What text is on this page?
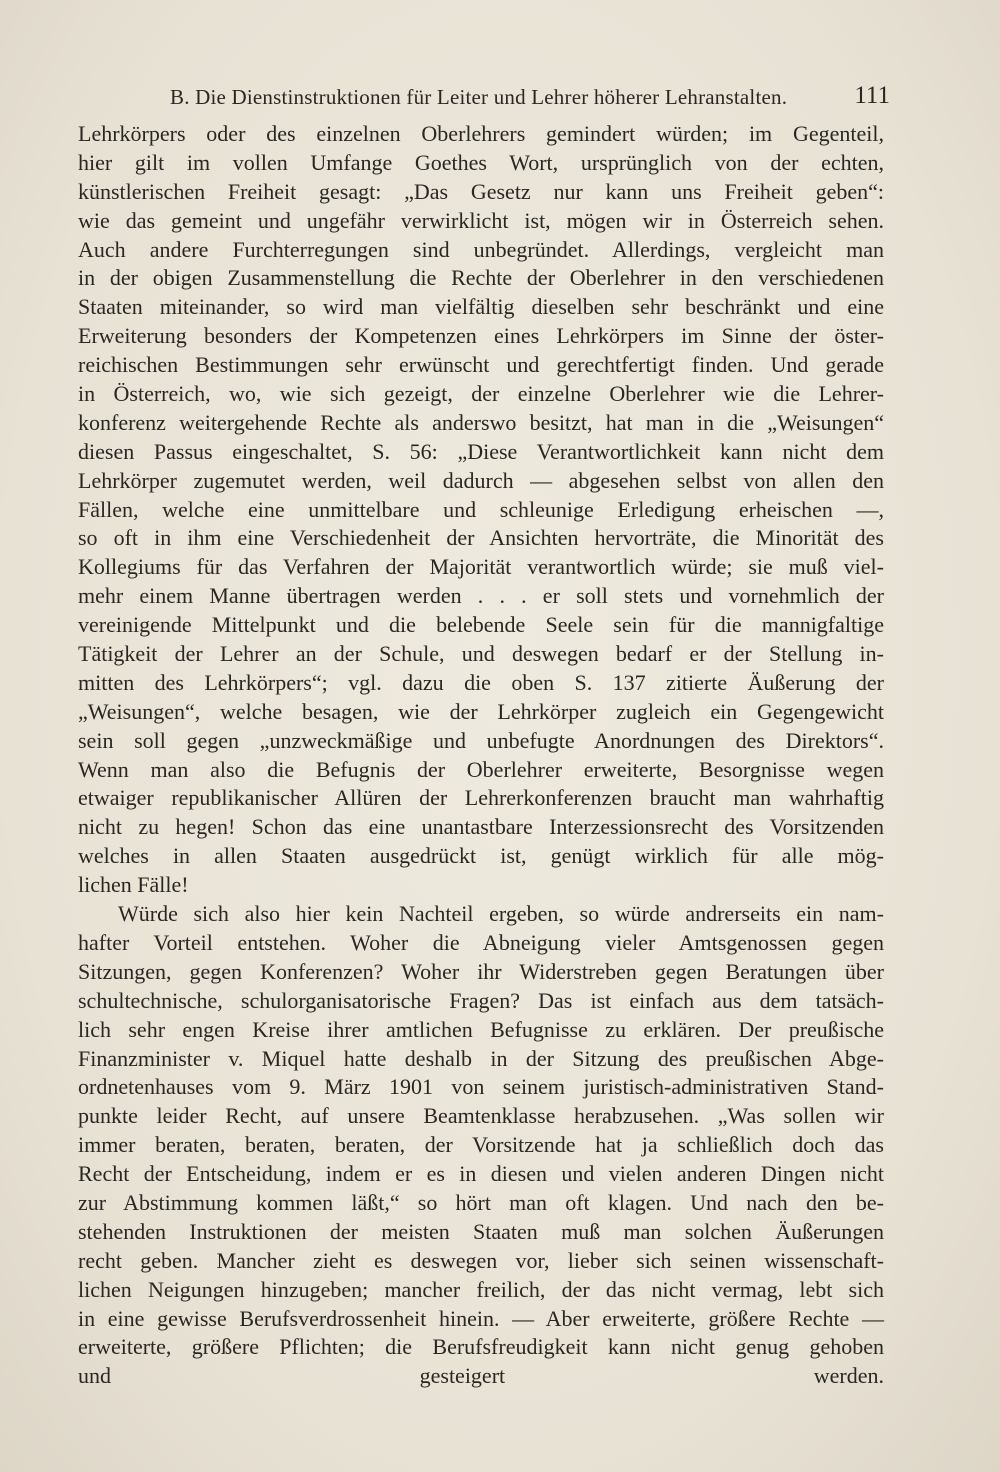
B. Die Dienstinstruktionen für Leiter und Lehrer höherer Lehranstalten.	111
Lehrkörpers oder des einzelnen Oberlehrers gemindert würden; im Gegenteil,
hier gilt im vollen Umfange Goethes Wort, ursprünglich von der echten,
künstlerischen Freiheit gesagt: „Das Gesetz nur kann uns Freiheit geben“:
wie das gemeint und ungefähr verwirklicht ist, mögen wir in Österreich sehen.
Auch andere Furchterregungen sind unbegründet. Allerdings, vergleicht man
in der obigen Zusammenstellung die Rechte der Oberlehrer in den verschiedenen
Staaten miteinander, so wird man vielfältig dieselben sehr beschränkt und eine
Erweiterung besonders der Kompetenzen eines Lehrkörpers im Sinne der öster-
reichischen Bestimmungen sehr erwünscht und gerechtfertigt finden. Und gerade
in Österreich, wo, wie sich gezeigt, der einzelne Oberlehrer wie die Lehrer-
konferenz weitergehende Rechte als anderswo besitzt, hat man in die „Weisungen“
diesen Passus eingeschaltet, S. 56: „Diese Verantwortlichkeit kann nicht dem
Lehrkörper zugemutet werden, weil dadurch — abgesehen selbst von allen den
Fällen, welche eine unmittelbare und schleunige Erledigung erheischen —,
so oft in ihm eine Verschiedenheit der Ansichten hervorträte, die Minorität des
Kollegiums für das Verfahren der Majorität verantwortlich würde; sie muß viel-
mehr einem Manne übertragen werden . . . er soll stets und vornehmlich der
vereinigende Mittelpunkt und die belebende Seele sein für die mannigfaltige
Tätigkeit der Lehrer an der Schule, und deswegen bedarf er der Stellung in-
mitten des Lehrkörpers“; vgl. dazu die oben S. 137 zitierte Äußerung der
„Weisungen“, welche besagen, wie der Lehrkörper zugleich ein Gegengewicht
sein soll gegen „unzweckmäßige und unbefugte Anordnungen des Direktors“.
Wenn man also die Befugnis der Oberlehrer erweiterte, Besorgnisse wegen
etwaiger republikanischer Allüren der Lehrerkonferenzen braucht man wahrhaftig
nicht zu hegen! Schon das eine unantastbare Interzessionsrecht des Vorsitzenden
welches in allen Staaten ausgedrückt ist, genügt wirklich für alle mög-
lichen Fälle!
Würde sich also hier kein Nachteil ergeben, so würde andrerseits ein nam-
hafter Vorteil entstehen. Woher die Abneigung vieler Amtsgenossen gegen
Sitzungen, gegen Konferenzen? Woher ihr Widerstreben gegen Beratungen über
schultechnische, schulorganisatorische Fragen? Das ist einfach aus dem tatsäch-
lich sehr engen Kreise ihrer amtlichen Befugnisse zu erklären. Der preußische
Finanzminister v. Miquel hatte deshalb in der Sitzung des preußischen Abge-
ordnetenhauses vom 9. März 1901 von seinem juristisch-administrativen Stand-
punkte leider Recht, auf unsere Beamtenklasse herabzusehen. „Was sollen wir
immer beraten, beraten, beraten, der Vorsitzende hat ja schließlich doch das
Recht der Entscheidung, indem er es in diesen und vielen anderen Dingen nicht
zur Abstimmung kommen läßt,“ so hört man oft klagen. Und nach den be-
stehenden Instruktionen der meisten Staaten muß man solchen Äußerungen
recht geben. Mancher zieht es deswegen vor, lieber sich seinen wissenschaft-
lichen Neigungen hinzugeben; mancher freilich, der das nicht vermag, lebt sich
in eine gewisse Berufsverdrossenheit hinein. — Aber erweiterte, größere Rechte —
erweiterte, größere Pflichten; die Berufsfreudigkeit kann nicht genug gehoben
und gesteigert werden.
